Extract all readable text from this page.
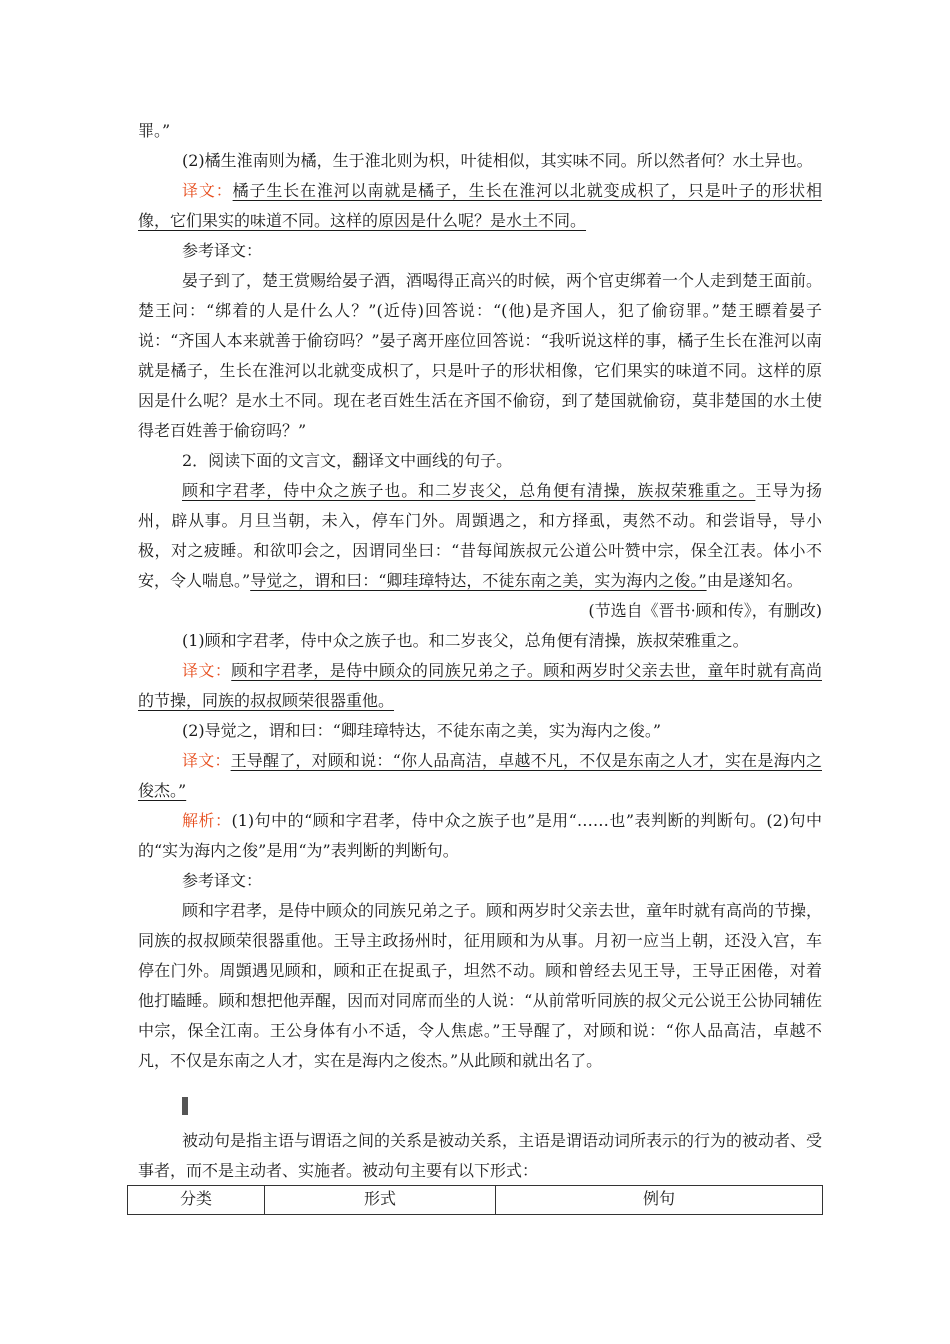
罪。”

(2)橘生淮南则为橘，生于淮北则为枳，叶徒相似，其实味不同。所以然者何？水土异也。

译文：橘子生长在淮河以南就是橘子，生长在淮河以北就变成枳了，只是叶子的形状相像，它们果实的味道不同。这样的原因是什么呢？是水土不同。

参考译文：

晏子到了，楚王赏赐给晏子酒，酒喝得正高兴的时候，两个官吏绑着一个人走到楚王面前。楚王问：“绑着的人是什么人？”(近侍)回答说：“(他)是齐国人，犯了偷窃罪。”楚王瞟着晏子说：“齐国人本来就善于偷窃吗？”晏子离开座位回答说：“我听说这样的事，橘子生长在淮河以南就是橘子，生长在淮河以北就变成枳了，只是叶子的形状相像，它们果实的味道不同。这样的原因是什么呢？是水土不同。现在老百姓生活在齐国不偷窃，到了楚国就偷窃，莫非楚国的水土使得老百姓善于偷窃吗？”

2．阅读下面的文言文，翻译文中画线的句子。

顾和字君孝，侍中众之族子也。和二岁丧父，总角便有清操，族叔荣雅重之。王导为扬州，辟从事。月旦当朝，未入，停车门外。周顗遇之，和方择虱，夷然不动。和尝诣导，导小极，对之疲睡。和欲叩会之，因谓同坐曰：“昔每闻族叔元公道公叶赞中宗，保全江表。体小不安，令人喘息。”导觉之，谓和曰：“卿珪璋特达，不徒东南之美，实为海内之俊。”由是遂知名。

(节选自《晋书·顾和传》，有删改)

(1)顾和字君孝，侍中众之族子也。和二岁丧父，总角便有清操，族叔荣雅重之。

译文：顾和字君孝，是侍中顾众的同族兄弟之子。顾和两岁时父亲去世，童年时就有高尚的节操，同族的叔叔顾荣很器重他。

(2)导觉之，谓和曰：“卿珪璋特达，不徒东南之美，实为海内之俊。”

译文：王导醒了，对顾和说：“你人品高洁，卓越不凡，不仅是东南之人才，实在是海内之俊杰。”

解析：(1)句中的“顾和字君孝，侍中众之族子也”是用“……也”表判断的判断句。(2)句中的“实为海内之俊”是用“为”表判断的判断句。

参考译文：

顾和字君孝，是侍中顾众的同族兄弟之子。顾和两岁时父亲去世，童年时就有高尚的节操，同族的叔叔顾荣很器重他。王导主政扬州时，征用顾和为从事。月初一应当上朝，还没入宫，车停在门外。周顗遇见顾和，顾和正在捉虱子，坦然不动。顾和曾经去见王导，王导正困倦，对着他打瞌睡。顾和想把他弄醒，因而对同席而坐的人说：“从前常听同族的叔父元公说王公协同辅佐中宗，保全江南。王公身体有小不适，令人焦虑。”王导醒了，对顾和说：“你人品高洁，卓越不凡，不仅是东南之人才，实在是海内之俊杰。”从此顾和就出名了。

被动句是指主语与谓语之间的关系是被动关系，主语是谓语动词所表示的行为的被动者、受事者，而不是主动者、实施者。被动句主要有以下形式：

分类	形式	例句
